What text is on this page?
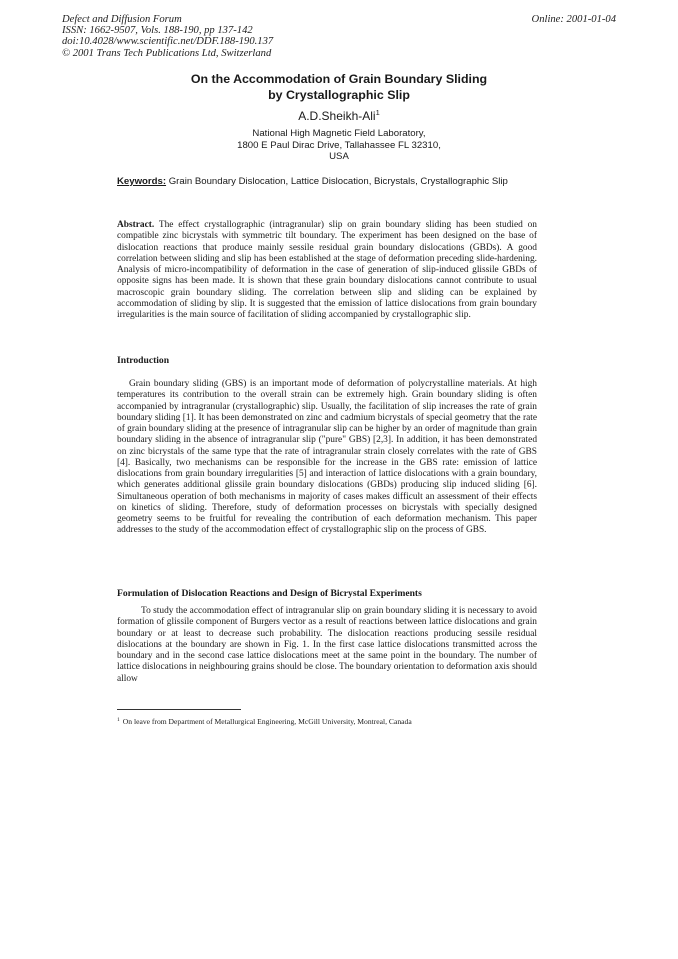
Defect and Diffusion Forum
ISSN: 1662-9507, Vols. 188-190, pp 137-142
doi:10.4028/www.scientific.net/DDF.188-190.137
© 2001 Trans Tech Publications Ltd, Switzerland
Online: 2001-01-04
On the Accommodation of Grain Boundary Sliding
by Crystallographic Slip
A.D.Sheikh-Ali$^1$
National High Magnetic Field Laboratory,
1800 E Paul Dirac Drive, Tallahassee FL 32310,
USA
Keywords: Grain Boundary Dislocation, Lattice Dislocation, Bicrystals, Crystallographic Slip

Abstract. The effect crystallographic (intragranular) slip on grain boundary sliding has been studied on compatible zinc bicrystals with symmetric tilt boundary. The experiment has been designed on the base of dislocation reactions that produce mainly sessile residual grain boundary dislocations (GBDs). A good correlation between sliding and slip has been established at the stage of deformation preceding slide-hardening. Analysis of micro-incompatibility of deformation in the case of generation of slip-induced glissile GBDs of opposite signs has been made. It is shown that these grain boundary dislocations cannot contribute to usual macroscopic grain boundary sliding. The correlation between slip and sliding can be explained by accommodation of sliding by slip. It is suggested that the emission of lattice dislocations from grain boundary irregularities is the main source of facilitation of sliding accompanied by crystallographic slip.

Introduction

Grain boundary sliding (GBS) is an important mode of deformation of polycrystalline materials. At high temperatures its contribution to the overall strain can be extremely high. Grain boundary sliding is often accompanied by intragranular (crystallographic) slip. Usually, the facilitation of slip increases the rate of grain boundary sliding [1]. It has been demonstrated on zinc and cadmium bicrystals of special geometry that the rate of grain boundary sliding at the presence of intragranular slip can be higher by an order of magnitude than grain boundary sliding in the absence of intragranular slip ("pure" GBS) [2,3]. In addition, it has been demonstrated on zinc bicrystals of the same type that the rate of intragranular strain closely correlates with the rate of GBS [4]. Basically, two mechanisms can be responsible for the increase in the GBS rate: emission of lattice dislocations from grain boundary irregularities [5] and interaction of lattice dislocations with a grain boundary, which generates additional glissile grain boundary dislocations (GBDs) producing slip induced sliding [6]. Simultaneous operation of both mechanisms in majority of cases makes difficult an assessment of their effects on kinetics of sliding. Therefore, study of deformation processes on bicrystals with specially designed geometry seems to be fruitful for revealing the contribution of each deformation mechanism. This paper addresses to the study of the accommodation effect of crystallographic slip on the process of GBS.

Formulation of Dislocation Reactions and Design of Bicrystal Experiments

To study the accommodation effect of intragranular slip on grain boundary sliding it is necessary to avoid formation of glissile component of Burgers vector as a result of reactions between lattice dislocations and grain boundary or at least to decrease such probability. The dislocation reactions producing sessile residual dislocations at the boundary are shown in Fig. 1. In the first case lattice dislocations transmitted across the boundary and in the second case lattice dislocations meet at the same point in the boundary. The number of lattice dislocations in neighbouring grains should be close. The boundary orientation to deformation axis should allow

$^1$ On leave from Department of Metallurgical Engineering, McGill University, Montreal, Canada
